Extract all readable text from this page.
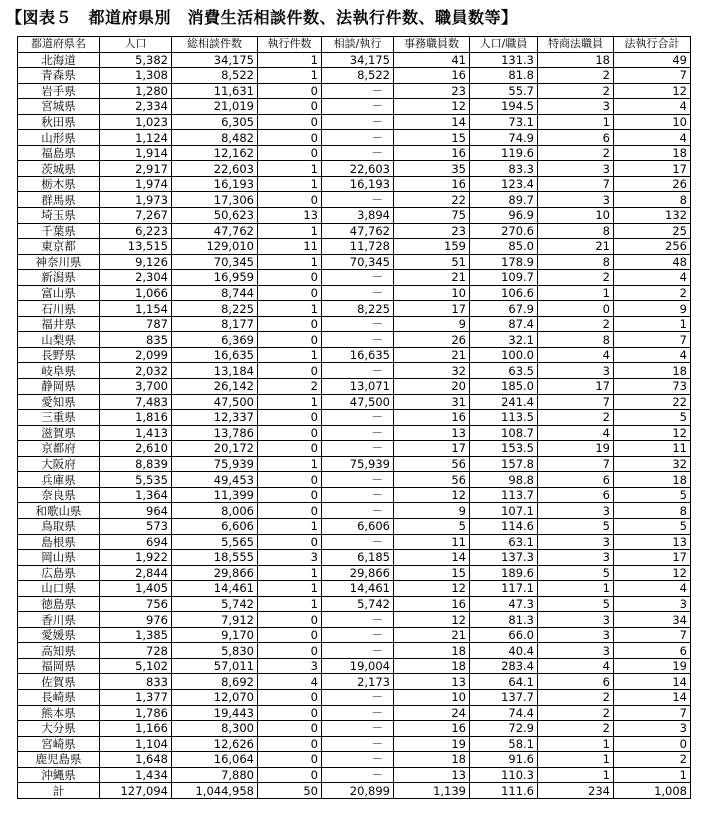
【図表５　都道府県別　消費生活相談件数、法執行件数、職員数等】
都道府県名	人口	総相談件数	執行件数	相談/執行	事務職員数	人口/職員	特商法職員	法執行合計
北海道	5,382	34,175	1	34,175	41	131.3	18	49
青森県	1,308	8,522	1	8,522	16	81.8	2	7
岩手県	1,280	11,631	0	－	23	55.7	2	12
宮城県	2,334	21,019	0	－	12	194.5	3	4
秋田県	1,023	6,305	0	－	14	73.1	1	10
山形県	1,124	8,482	0	－	15	74.9	6	4
福島県	1,914	12,162	0	－	16	119.6	2	18
茨城県	2,917	22,603	1	22,603	35	83.3	3	17
栃木県	1,974	16,193	1	16,193	16	123.4	7	26
群馬県	1,973	17,306	0	－	22	89.7	3	8
埼玉県	7,267	50,623	13	3,894	75	96.9	10	132
千葉県	6,223	47,762	1	47,762	23	270.6	8	25
東京都	13,515	129,010	11	11,728	159	85.0	21	256
神奈川県	9,126	70,345	1	70,345	51	178.9	8	48
新潟県	2,304	16,959	0	－	21	109.7	2	4
富山県	1,066	8,744	0	－	10	106.6	1	2
石川県	1,154	8,225	1	8,225	17	67.9	0	9
福井県	787	8,177	0	－	9	87.4	2	1
山梨県	835	6,369	0	－	26	32.1	8	7
長野県	2,099	16,635	1	16,635	21	100.0	4	4
岐阜県	2,032	13,184	0	－	32	63.5	3	18
静岡県	3,700	26,142	2	13,071	20	185.0	17	73
愛知県	7,483	47,500	1	47,500	31	241.4	7	22
三重県	1,816	12,337	0	－	16	113.5	2	5
滋賀県	1,413	13,786	0	－	13	108.7	4	12
京都府	2,610	20,172	0	－	17	153.5	19	11
大阪府	8,839	75,939	1	75,939	56	157.8	7	32
兵庫県	5,535	49,453	0	－	56	98.8	6	18
奈良県	1,364	11,399	0	－	12	113.7	6	5
和歌山県	964	8,006	0	－	9	107.1	3	8
鳥取県	573	6,606	1	6,606	5	114.6	5	5
島根県	694	5,565	0	－	11	63.1	3	13
岡山県	1,922	18,555	3	6,185	14	137.3	3	17
広島県	2,844	29,866	1	29,866	15	189.6	5	12
山口県	1,405	14,461	1	14,461	12	117.1	1	4
徳島県	756	5,742	1	5,742	16	47.3	5	3
香川県	976	7,912	0	－	12	81.3	3	34
愛媛県	1,385	9,170	0	－	21	66.0	3	7
高知県	728	5,830	0	－	18	40.4	3	6
福岡県	5,102	57,011	3	19,004	18	283.4	4	19
佐賀県	833	8,692	4	2,173	13	64.1	6	14
長崎県	1,377	12,070	0	－	10	137.7	2	14
熊本県	1,786	19,443	0	－	24	74.4	2	7
大分県	1,166	8,300	0	－	16	72.9	2	3
宮崎県	1,104	12,626	0	－	19	58.1	1	0
鹿児島県	1,648	16,064	0	－	18	91.6	1	2
沖縄県	1,434	7,880	0	－	13	110.3	1	1
計	127,094	1,044,958	50	20,899	1,139	111.6	234	1,008
